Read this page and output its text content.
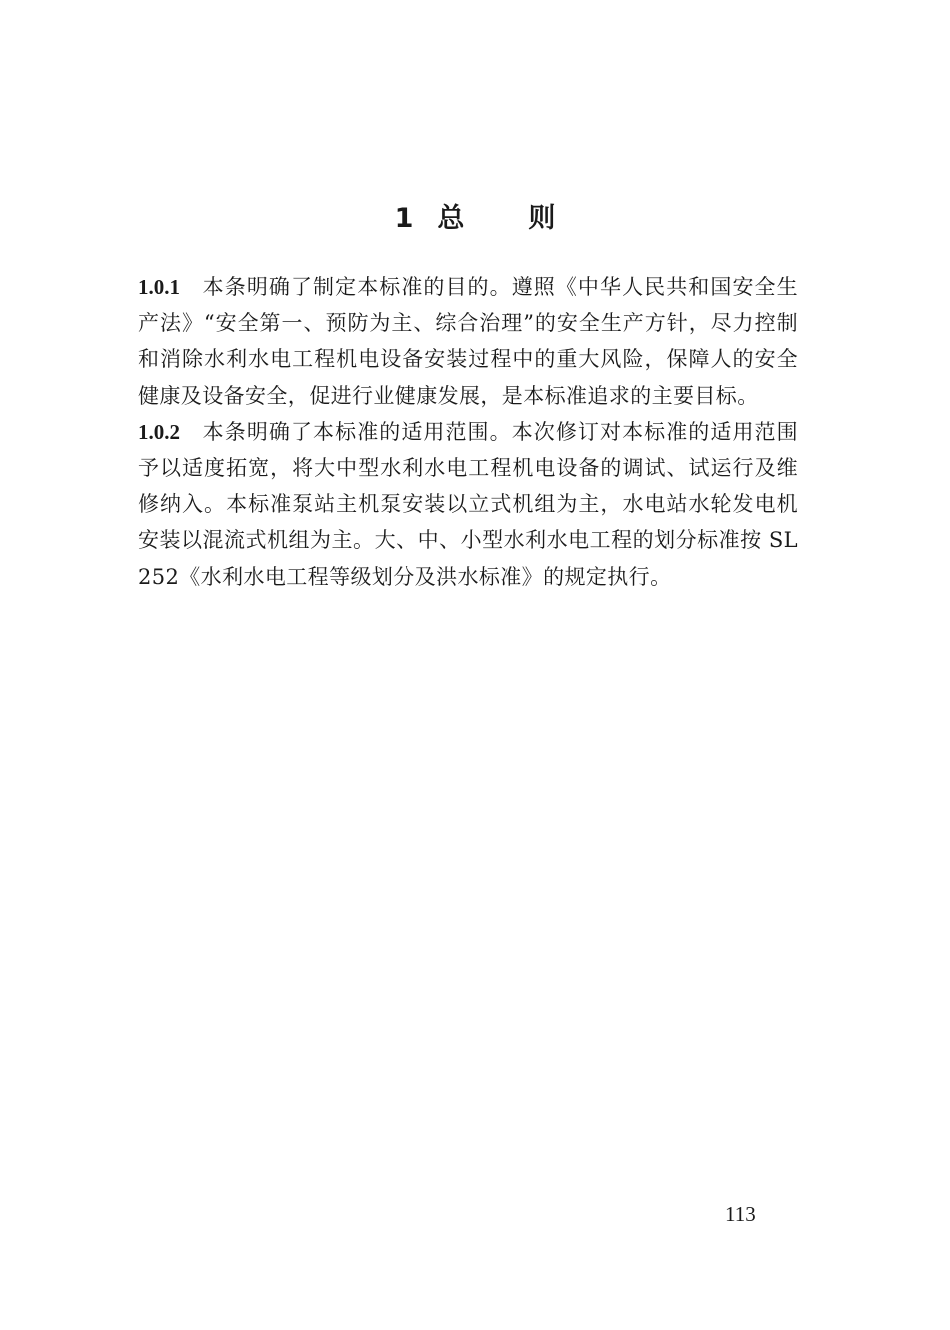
1 总 则

1.0.1 本条明确了制定本标准的目的。遵照《中华人民共和国安全生产法》“安全第一、预防为主、综合治理”的安全生产方针，尽力控制和消除水利水电工程机电设备安装过程中的重大风险，保障人的安全健康及设备安全，促进行业健康发展，是本标准追求的主要目标。

1.0.2 本条明确了本标准的适用范围。本次修订对本标准的适用范围予以适度拓宽，将大中型水利水电工程机电设备的调试、试运行及维修纳入。本标准泵站主机泵安装以立式机组为主，水电站水轮发电机安装以混流式机组为主。大、中、小型水利水电工程的划分标准按 SL 252《水利水电工程等级划分及洪水标准》的规定执行。

113
